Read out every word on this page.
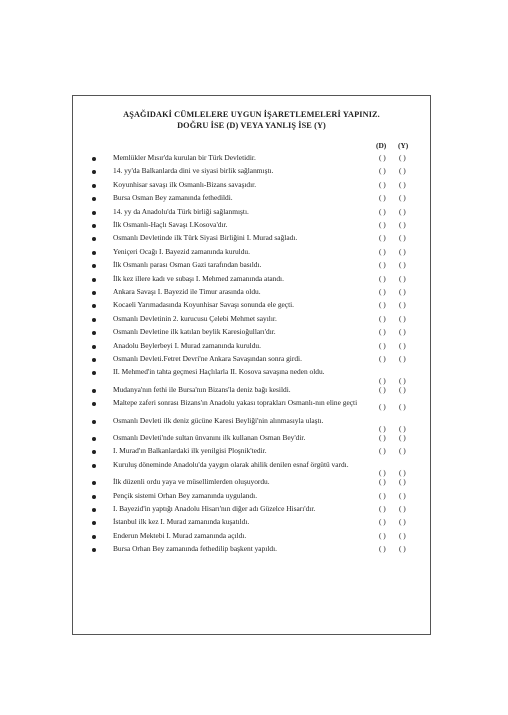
AŞAĞIDAKİ CÜMLELERE UYGUN İŞARETLEMELERİ YAPINIZ.
DOĞRU İSE (D) VEYA YANLIŞ İSE (Y)
(D) (Y)
Memlükler Mısır'da kurulan bir Türk Devletidir.	( ) ( )
14. yy'da Balkanlarda dini ve siyasi birlik sağlanmıştı.	( ) ( )
Koyunhisar savaşı ilk Osmanlı-Bizans savaşıdır.	( ) ( )
Bursa Osman Bey zamanında fethedildi.	( ) ( )
14. yy da Anadolu'da Türk birliği sağlanmıştı.	( ) ( )
İlk Osmanlı-Haçlı Savaşı I.Kosova'dır.	( ) ( )
Osmanlı Devletinde ilk Türk Siyasi Birliğini I. Murad sağladı.	( ) ( )
Yeniçeri Ocağı I. Bayezid zamanında kuruldu.	( ) ( )
İlk Osmanlı parası Osman Gazi tarafından basıldı.	( ) ( )
İlk kez illere kadı ve subaşı I. Mehmed zamanında atandı.	( ) ( )
Ankara Savaşı I. Bayezid ile Timur arasında oldu.	( ) ( )
Kocaeli Yarımadasında Koyunhisar Savaşı sonunda ele geçti.	( ) ( )
Osmanlı Devletinin 2. kurucusu Çelebi Mehmet sayılır.	( ) ( )
Osmanlı Devletine ilk katılan beylik Karesioğulları'dır.	( ) ( )
Anadolu Beylerbeyi I. Murad zamanında kuruldu.	( ) ( )
Osmanlı Devleti.Fetret Devri'ne Ankara Savaşından sonra girdi.	( ) ( )
II. Mehmed'in tahta geçmesi Haçlılarla II. Kosova savaşına neden oldu.
( ) ( )
Mudanya'nın fethi ile Bursa'nın Bizans'la deniz bağı kesildi.	( ) ( )
Maltepe zaferi sonrası Bizans'ın Anadolu yakası toprakları Osmanlı-nın eline geçti	( ) ( )
Osmanlı Devleti ilk deniz gücüne Karesi Beyliği'nin alınmasıyla ulaştı.
( ) ( )
Osmanlı Devleti'nde sultan ünvanını ilk kullanan Osman Bey'dir.	( ) ( )
I. Murad'ın Balkanlardaki ilk yenilgisi Ploşnik'tedir.	( ) ( )
Kuruluş döneminde Anadolu'da yaygın olarak ahilik denilen esnaf örgütü vardı.
( ) ( )
İlk düzenli ordu yaya ve müsellimlerden oluşuyordu.	( ) ( )
Pençik sistemi Orhan Bey zamanında uygulandı.	( ) ( )
I. Bayezid'in yaptığı Anadolu Hisarı'nın diğer adı Güzelce Hisarı'dır.	( ) ( )
İstanbul ilk kez I. Murad zamanında kuşatıldı.	( ) ( )
Enderun Mektebi I. Murad zamanında açıldı.	( ) ( )
Bursa Orhan Bey zamanında fethedilip başkent yapıldı.	( ) ( )
